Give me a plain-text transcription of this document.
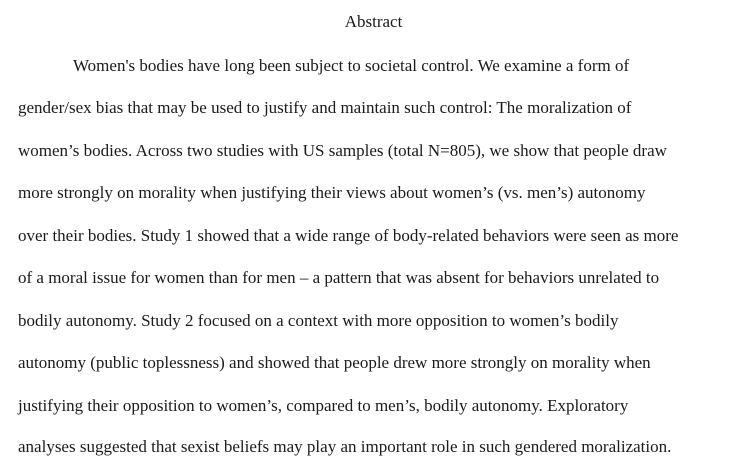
Abstract
Women's bodies have long been subject to societal control. We examine a form of
gender/sex bias that may be used to justify and maintain such control: The moralization of
women’s bodies. Across two studies with US samples (total N=805), we show that people draw
more strongly on morality when justifying their views about women’s (vs. men’s) autonomy
over their bodies. Study 1 showed that a wide range of body-related behaviors were seen as more
of a moral issue for women than for men – a pattern that was absent for behaviors unrelated to
bodily autonomy. Study 2 focused on a context with more opposition to women’s bodily
autonomy (public toplessness) and showed that people drew more strongly on morality when
justifying their opposition to women’s, compared to men’s, bodily autonomy. Exploratory
analyses suggested that sexist beliefs may play an important role in such gendered moralization.
